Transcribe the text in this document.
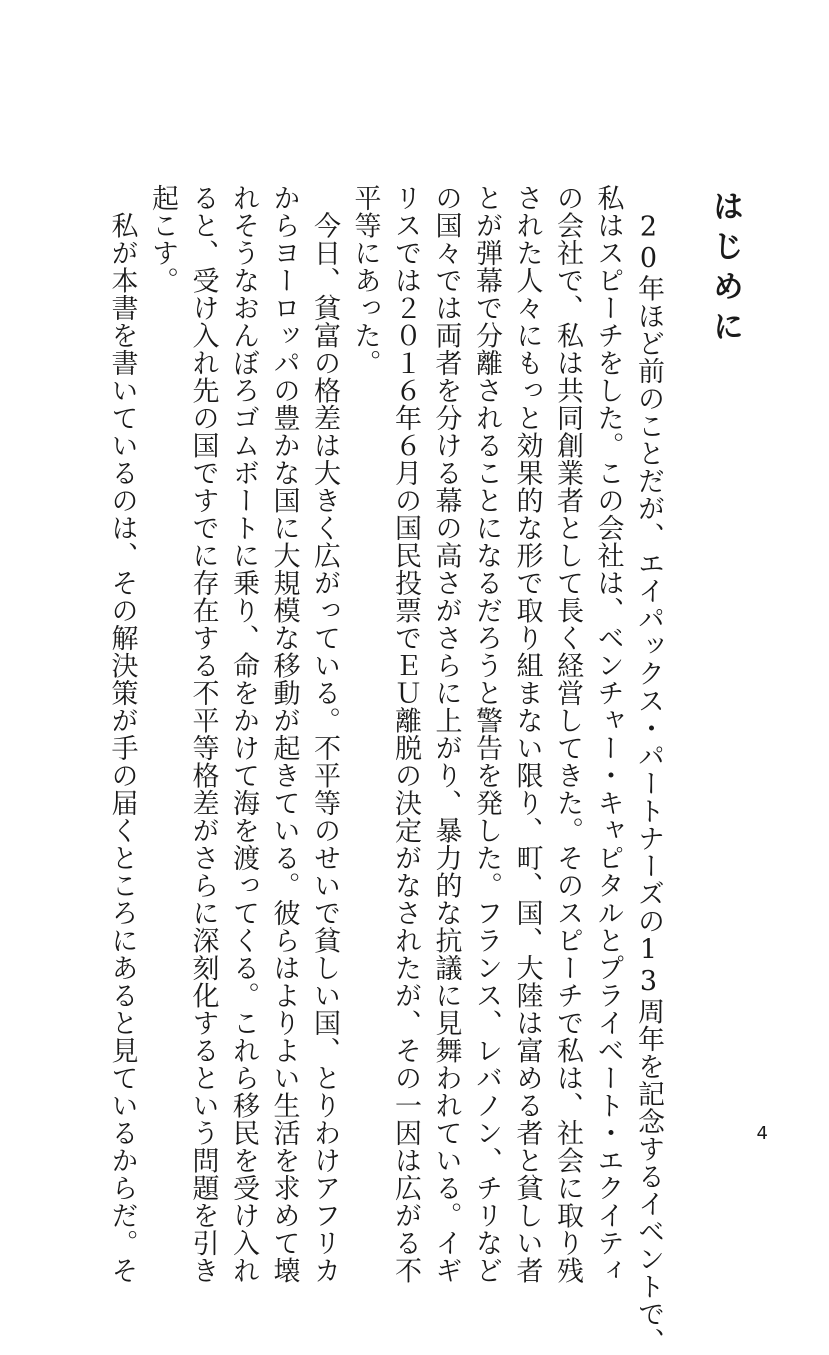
はじめに
　20年ほど前のことだが、エイパックス・パートナーズの13周年を記念するイベントで、
私はスピーチをした。この会社は、ベンチャー・キャピタルとプライベート・エクイティ
の会社で、私は共同創業者として長く経営してきた。そのスピーチで私は、社会に取り残
された人々にもっと効果的な形で取り組まない限り、町、国、大陸は富める者と貧しい者
とが弾幕で分離されることになるだろうと警告を発した。フランス、レバノン、チリなど
の国々では両者を分ける幕の高さがさらに上がり、暴力的な抗議に見舞われている。イギ
リスでは２０１６年６月の国民投票でＥＵ離脱の決定がなされたが、その一因は広がる不
平等にあった。
　今日、貧富の格差は大きく広がっている。不平等のせいで貧しい国、とりわけアフリカ
からヨーロッパの豊かな国に大規模な移動が起きている。彼らはよりよい生活を求めて壊
れそうなおんぼろゴムボートに乗り、命をかけて海を渡ってくる。これら移民を受け入れ
ると、受け入れ先の国ですでに存在する不平等格差がさらに深刻化するという問題を引き
起こす。
　私が本書を書いているのは、その解決策が手の届くところにあると見ているからだ。そ	4
